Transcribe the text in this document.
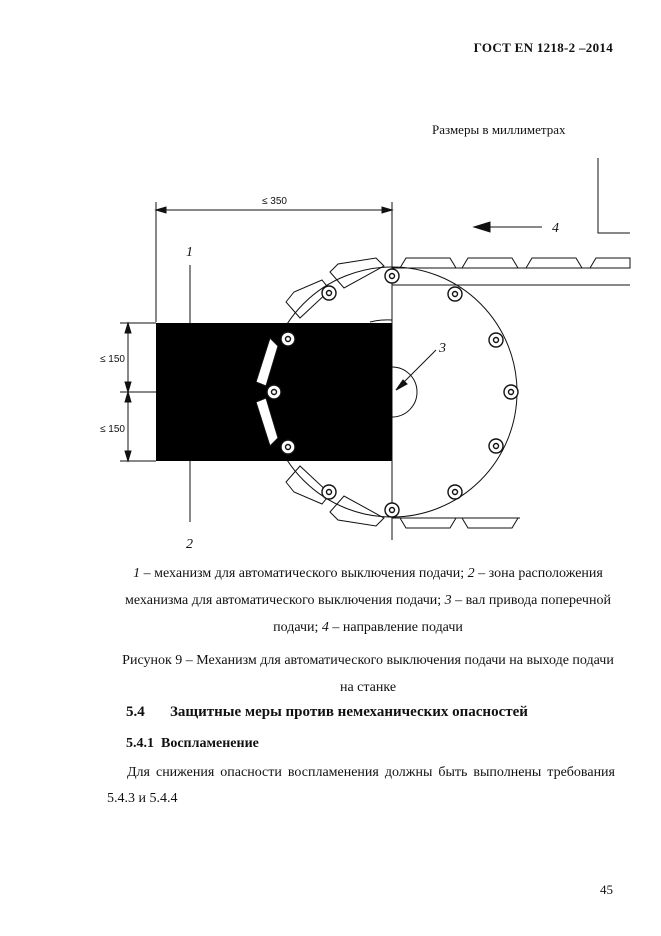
ГОСТ EN 1218-2 –2014
Размеры в миллиметрах
≤ 350
≤ 150
≤ 150
1
2
3
4
1 – механизм для автоматического выключения подачи; 2 – зона расположения механизма для автоматического выключения подачи; 3 – вал привода поперечной подачи; 4 – направление подачи
Рисунок 9 – Механизм для автоматического выключения подачи на выходе подачи на станке
5.4 Защитные меры против немеханических опасностей
5.4.1 Воспламенение
Для снижения опасности воспламенения должны быть выполнены требования 5.4.3 и 5.4.4
45
